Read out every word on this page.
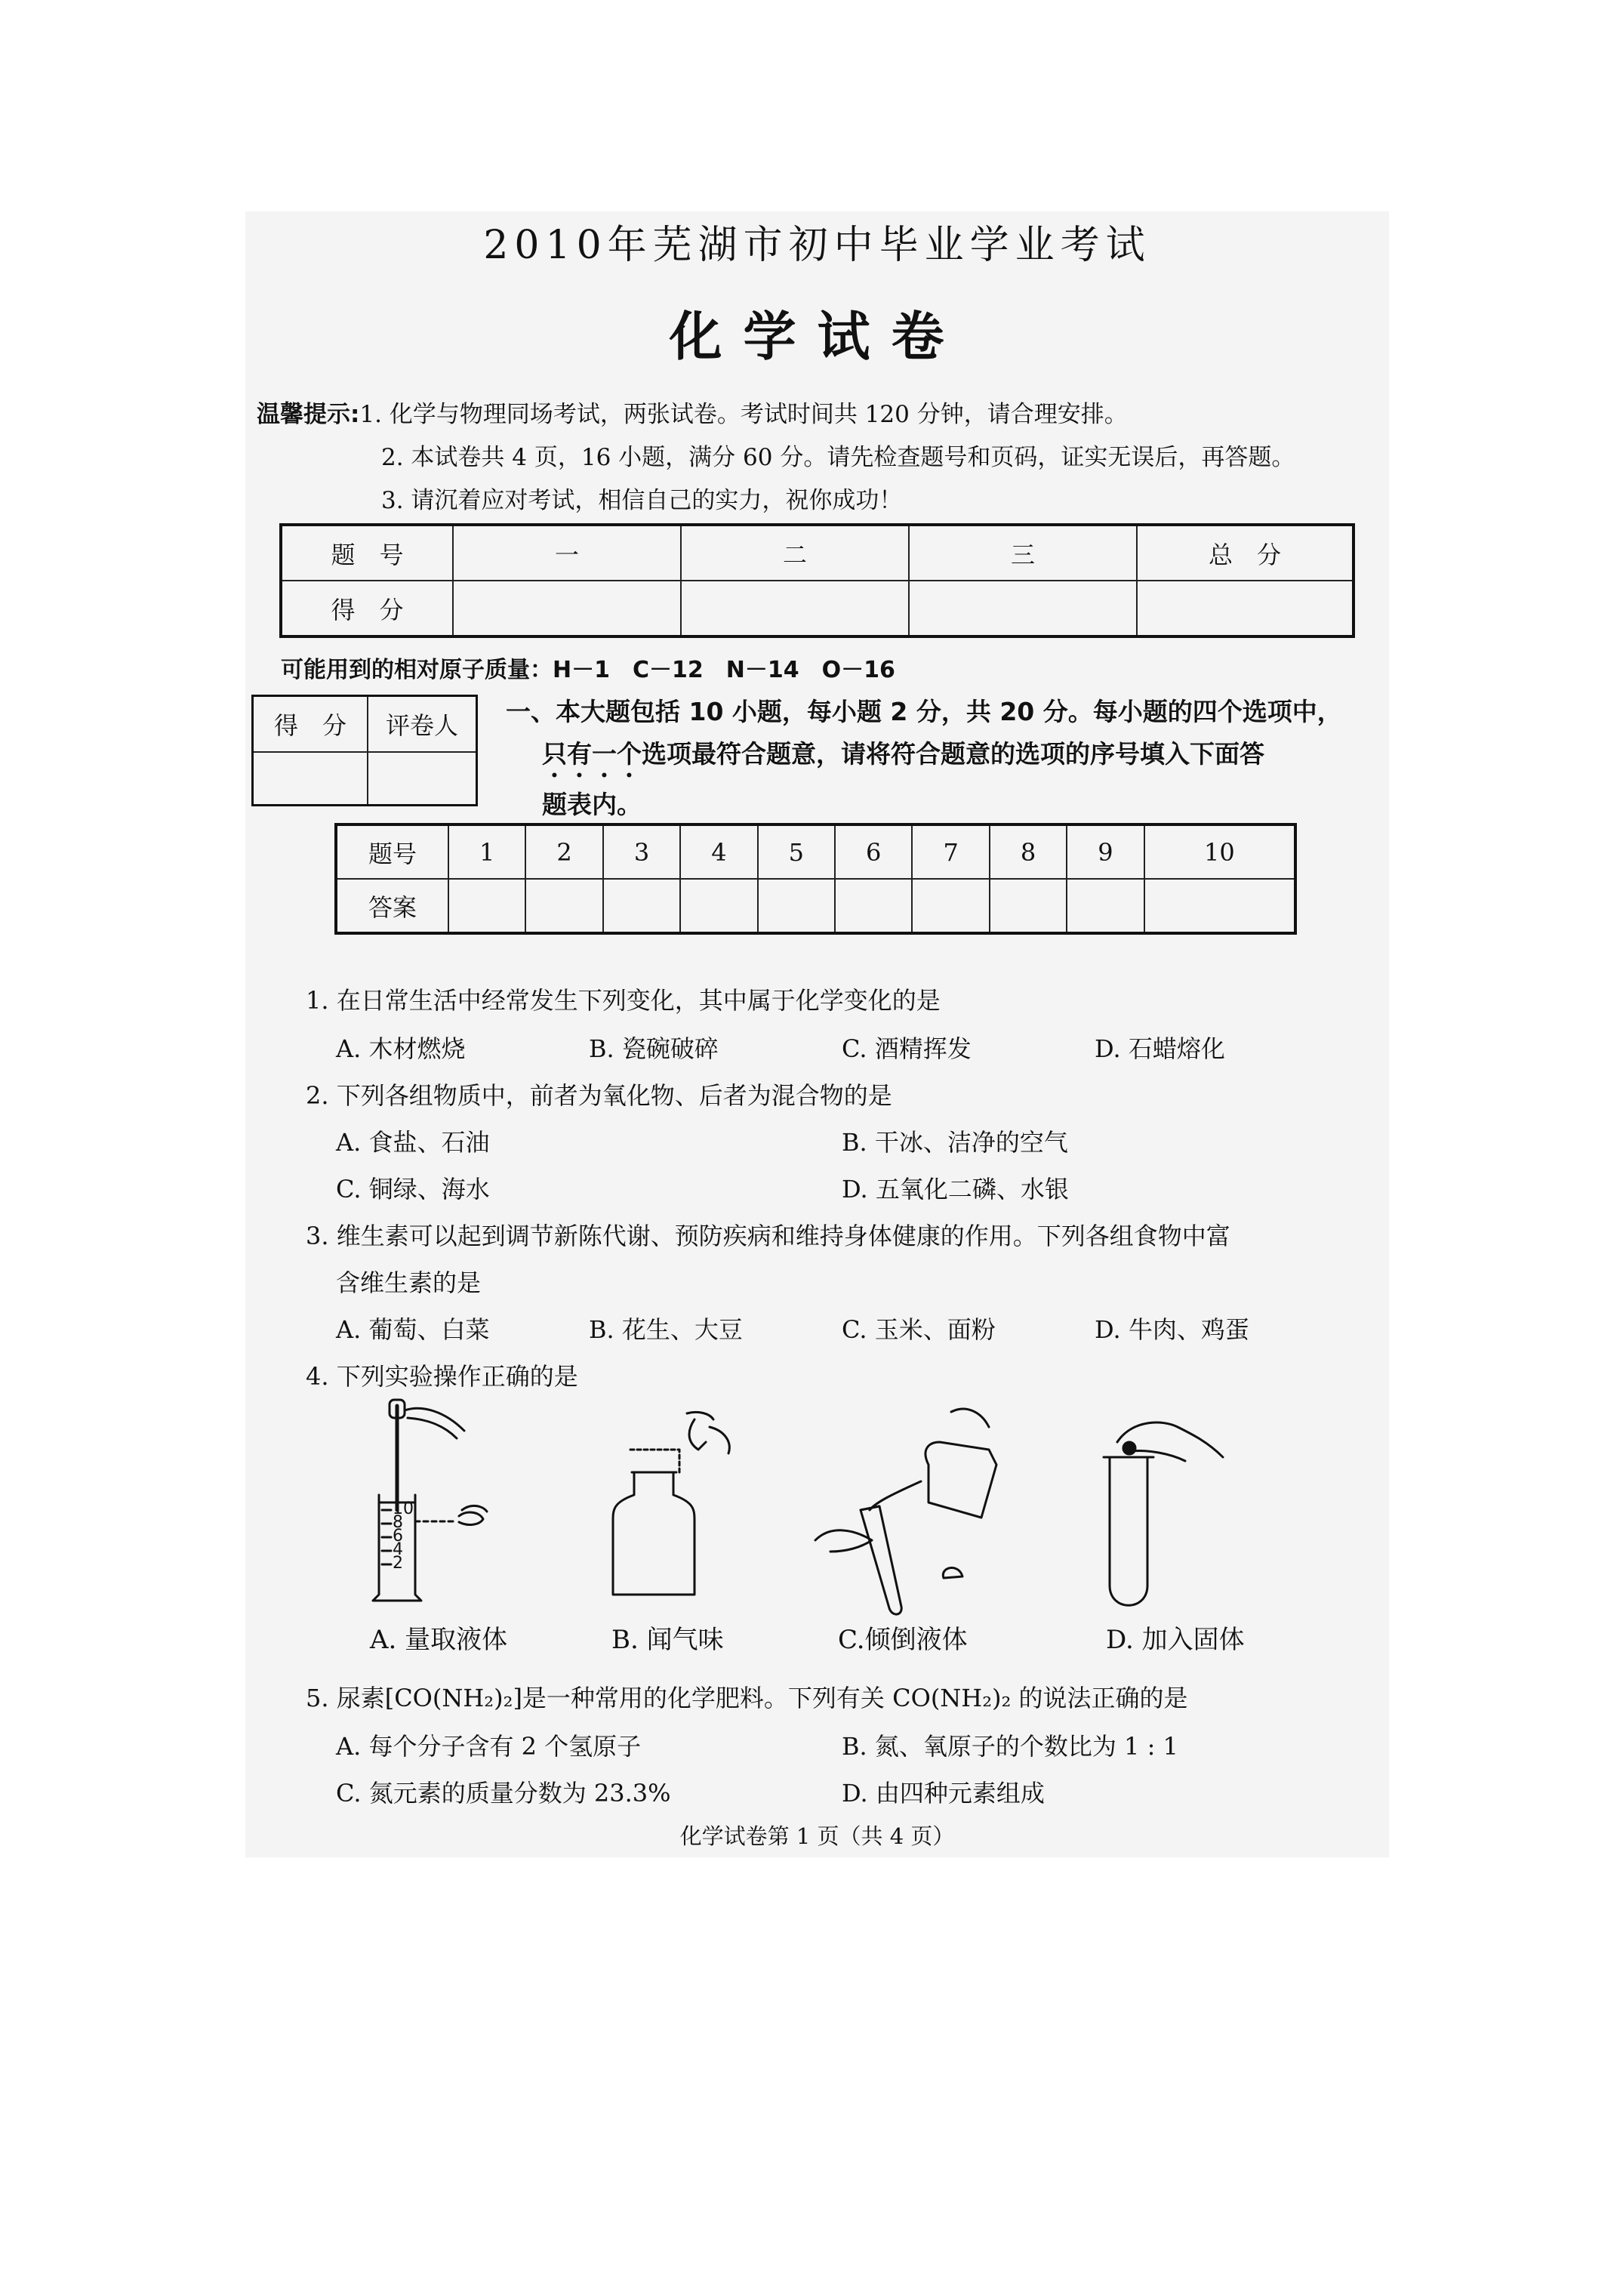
2010年芜湖市初中毕业学业考试
化学试卷
温馨提示:1. 化学与物理同场考试，两张试卷。考试时间共 120 分钟，请合理安排。
2. 本试卷共 4 页，16 小题，满分 60 分。请先检查题号和页码，证实无误后，再答题。
3. 请沉着应对考试，相信自己的实力，祝你成功！
题　号	一	二	三	总　分
得　分				
可能用到的相对原子质量：H－1　C－12　N－14　O－16
得　分	评卷人
	一、本大题包括 10 小题，每小题 2 分，共 20 分。每小题的四个选项中，
只有一个选项最符合题意，请将符合题意的选项的序号填入下面答
题表内。
题号	1	2	3	4	5	6	7	8	9	10
答案										
1. 在日常生活中经常发生下列变化，其中属于化学变化的是
A. 木材燃烧	B. 瓷碗破碎	C. 酒精挥发	D. 石蜡熔化
2. 下列各组物质中，前者为氧化物、后者为混合物的是
A. 食盐、石油	B. 干冰、洁净的空气
C. 铜绿、海水	D. 五氧化二磷、水银
3. 维生素可以起到调节新陈代谢、预防疾病和维持身体健康的作用。下列各组食物中富
含维生素的是
A. 葡萄、白菜	B. 花生、大豆	C. 玉米、面粉	D. 牛肉、鸡蛋
4. 下列实验操作正确的是
10
8
6
4
2
A. 量取液体	B. 闻气味	C.倾倒液体	D. 加入固体
5. 尿素[CO(NH₂)₂]是一种常用的化学肥料。下列有关 CO(NH₂)₂ 的说法正确的是
A. 每个分子含有 2 个氢原子	B. 氮、氧原子的个数比为 1 : 1
C. 氮元素的质量分数为 23.3%	D. 由四种元素组成
化学试卷第 1 页（共 4 页）
